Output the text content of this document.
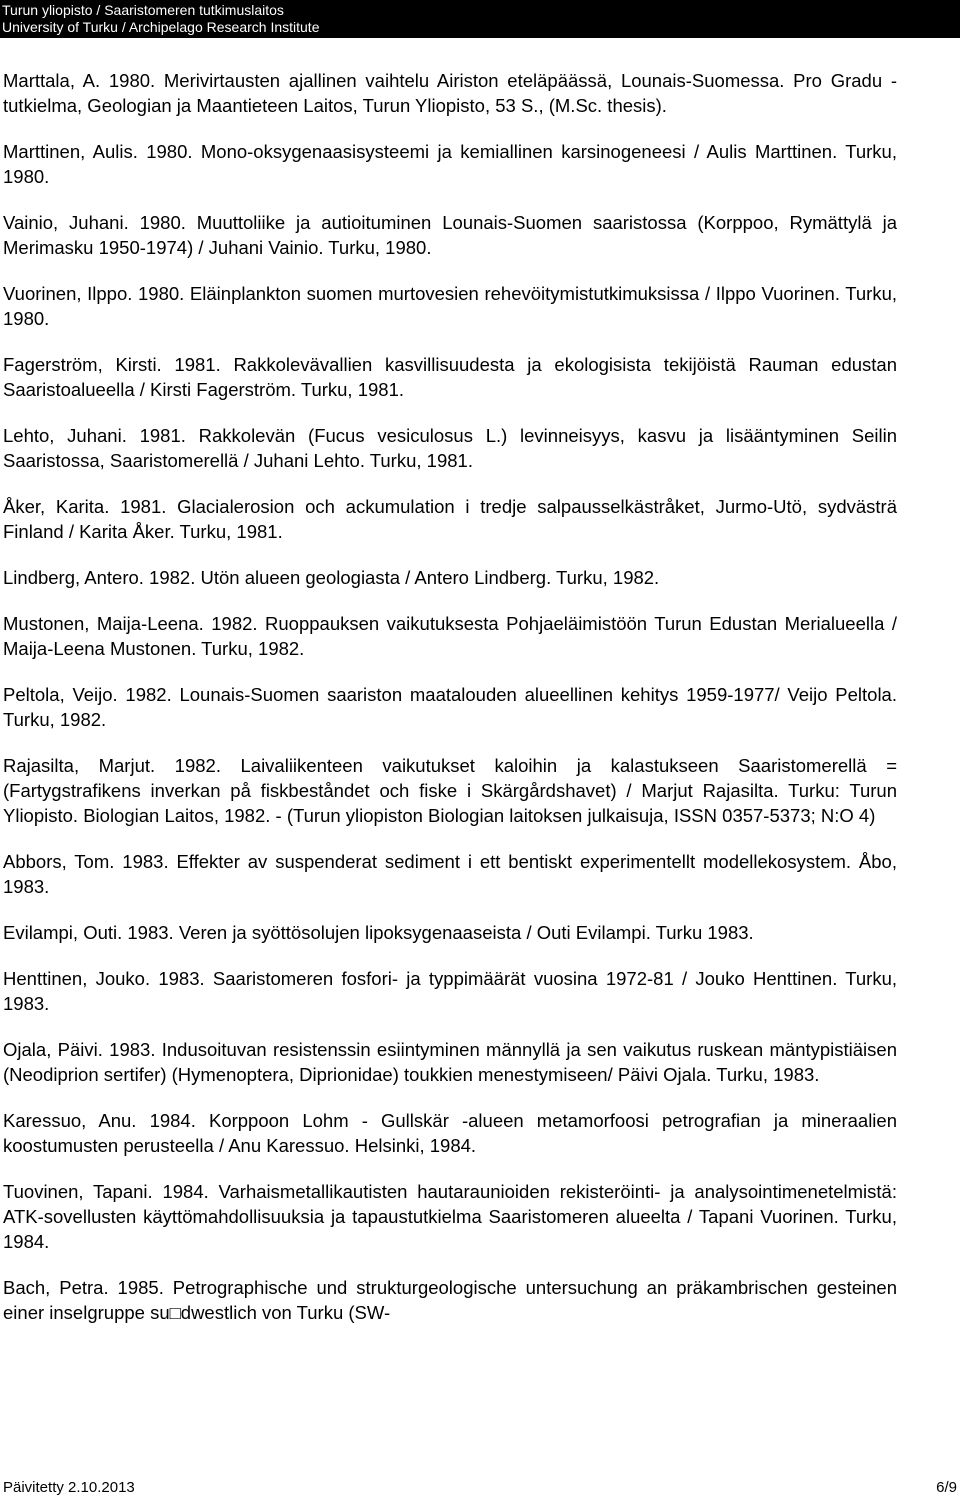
Turun yliopisto / Saaristomeren tutkimuslaitos
University of Turku / Archipelago Research Institute

Marttala, A. 1980. Merivirtausten ajallinen vaihtelu Airiston eteläpäässä, Lounais-Suomessa. Pro Gradu -tutkielma, Geologian ja Maantieteen Laitos, Turun Yliopisto, 53 S., (M.Sc. thesis).

Marttinen, Aulis. 1980. Mono-oksygenaasisysteemi ja kemiallinen karsinogeneesi / Aulis Marttinen. Turku, 1980.

Vainio, Juhani. 1980. Muuttoliike ja autioituminen Lounais-Suomen saaristossa (Korppoo, Rymättylä ja Merimasku 1950-1974) / Juhani Vainio. Turku, 1980.

Vuorinen, Ilppo. 1980. Eläinplankton suomen murtovesien rehevöitymistutkimuksissa / Ilppo Vuorinen. Turku, 1980.

Fagerström, Kirsti. 1981. Rakkolevävallien kasvillisuudesta ja ekologisista tekijöistä Rauman edustan Saaristoalueella / Kirsti Fagerström. Turku, 1981.

Lehto, Juhani. 1981. Rakkolevän (Fucus vesiculosus L.) levinneisyys, kasvu ja lisääntyminen Seilin Saaristossa, Saaristomerellä / Juhani Lehto. Turku, 1981.

Åker, Karita. 1981. Glacialerosion och ackumulation i tredje salpausselkästråket, Jurmo-Utö, sydvästrä Finland / Karita Åker. Turku, 1981.

Lindberg, Antero. 1982. Utön alueen geologiasta / Antero Lindberg. Turku, 1982.

Mustonen, Maija-Leena. 1982. Ruoppauksen vaikutuksesta Pohjaeläimistöön Turun Edustan Merialueella / Maija-Leena Mustonen. Turku, 1982.

Peltola, Veijo. 1982. Lounais-Suomen saariston maatalouden alueellinen kehitys 1959-1977/ Veijo Peltola. Turku, 1982.

Rajasilta, Marjut. 1982. Laivaliikenteen vaikutukset kaloihin ja kalastukseen Saaristomerellä = (Fartygstrafikens inverkan på fiskbeståndet och fiske i Skärgårdshavet) / Marjut Rajasilta. Turku: Turun Yliopisto. Biologian Laitos, 1982. - (Turun yliopiston Biologian laitoksen julkaisuja, ISSN 0357-5373; N:O 4)

Abbors, Tom. 1983. Effekter av suspenderat sediment i ett bentiskt experimentellt modellekosystem. Åbo, 1983.

Evilampi, Outi. 1983. Veren ja syöttösolujen lipoksygenaaseista / Outi Evilampi. Turku 1983.

Henttinen, Jouko. 1983. Saaristomeren fosfori- ja typpimäärät vuosina 1972-81 / Jouko Henttinen. Turku, 1983.

Ojala, Päivi. 1983. Indusoituvan resistenssin esiintyminen männyllä ja sen vaikutus ruskean mäntypistiäisen (Neodiprion sertifer) (Hymenoptera, Diprionidae) toukkien menestymiseen/ Päivi Ojala. Turku, 1983.

Karessuo, Anu. 1984. Korppoon Lohm - Gullskär -alueen metamorfoosi petrografian ja mineraalien koostumusten perusteella / Anu Karessuo. Helsinki, 1984.

Tuovinen, Tapani. 1984. Varhaismetallikautisten hautaraunioiden rekisteröinti- ja analysointimenetelmistä: ATK-sovellusten käyttömahdollisuuksia ja tapaustutkielma Saaristomeren alueelta / Tapani Vuorinen. Turku, 1984.

Bach, Petra. 1985. Petrographische und strukturgeologische untersuchung an präkambrischen gesteinen einer inselgruppe su□dwestlich von Turku (SW-

Päivitetty 2.10.2013	6/9
